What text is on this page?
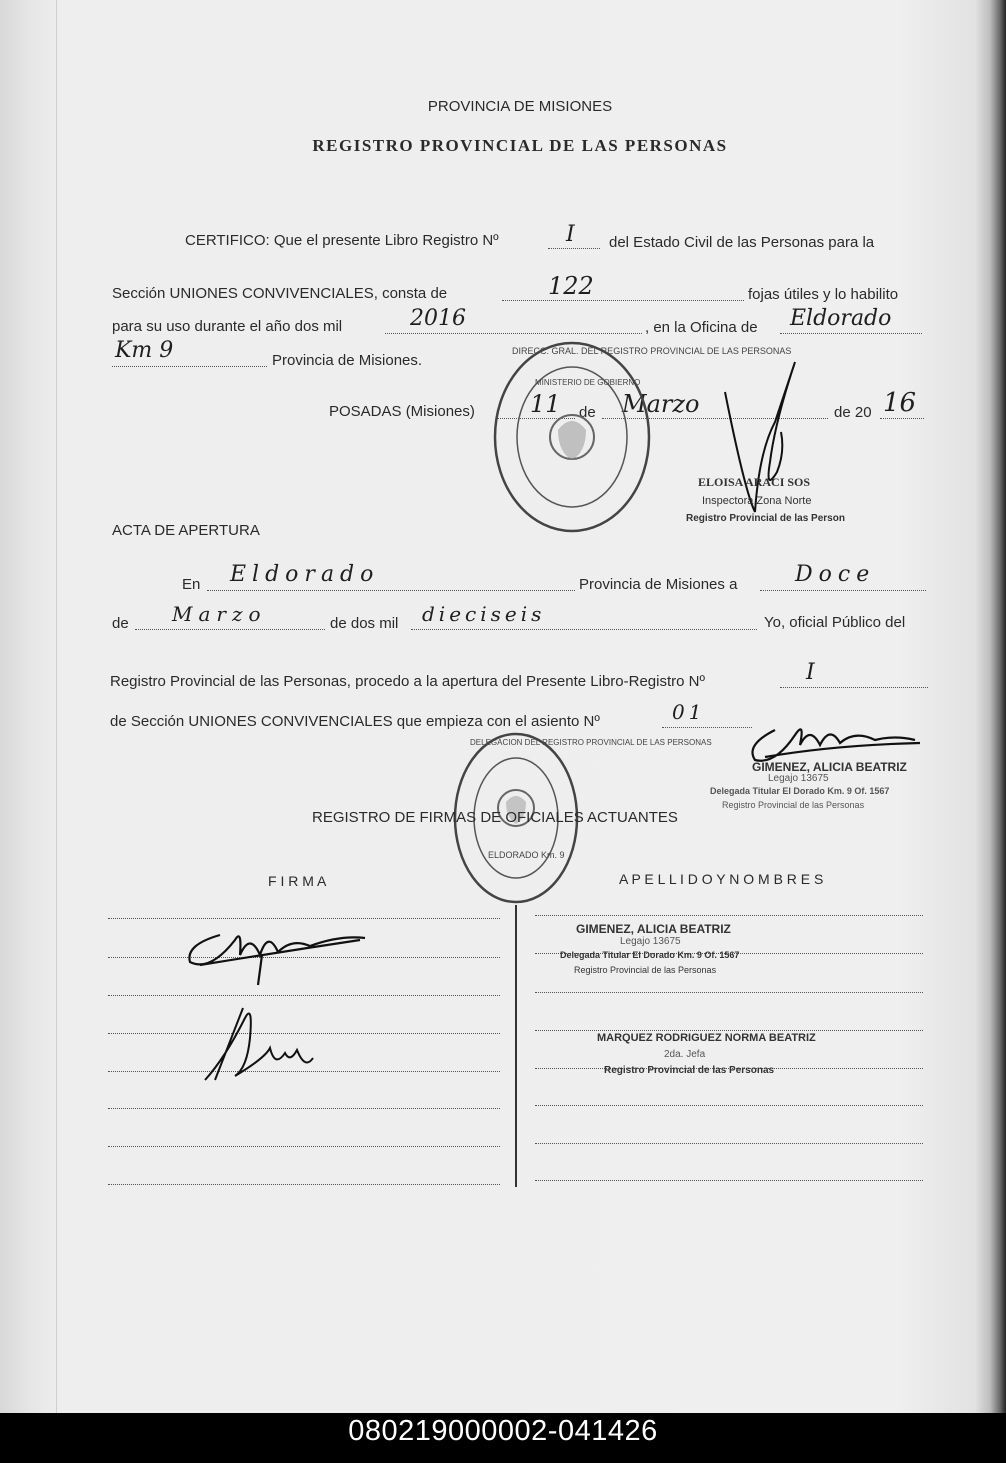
PROVINCIA DE MISIONES
REGISTRO PROVINCIAL DE LAS PERSONAS
CERTIFICO: Que el presente Libro Registro Nº	I del Estado Civil de las Personas para la
Sección UNIONES CONVIVENCIALES, consta de	122	fojas útiles y lo habilito
para su uso durante el año dos mil	2016	, en la Oficina de Eldorado
Km 9	Provincia de Misiones.
POSADAS (Misiones) 11 de Marzo	de 20 16
DIRECC. GRAL. DEL REGISTRO PROVINCIAL DE LAS PERSONAS
MINISTERIO DE GOBIERNO
ELOISA ARACI SOS
Inspectora Zona Norte
Registro Provincial de las Person
ACTA DE APERTURA
En Eldorado	Provincia de Misiones a	Doce
de Marzo	de dos mil dieciseis	Yo, oficial Público del
Registro Provincial de las Personas, procedo a la apertura del Presente Libro-Registro Nº	I
de Sección UNIONES CONVIVENCIALES que empieza con el asiento Nº	01
GIMENEZ, ALICIA BEATRIZ
Legajo 13675
Delegada Titular El Dorado Km. 9 Of. 1567
Registro Provincial de las Personas
DELEGACION DEL REGISTRO PROVINCIAL DE LAS PERSONAS
ELDORADO Km. 9
REGISTRO DE FIRMAS DE OFICIALES ACTUANTES
F I R M A	A P E L L I D O Y N O M B R E S
GIMENEZ, ALICIA BEATRIZ
Legajo 13675
Delegada Titular El Dorado Km. 9 Of. 1567
Registro Provincial de las Personas
MARQUEZ RODRIGUEZ NORMA BEATRIZ
2da. Jefa
Registro Provincial de las Personas
080219000002-041426
